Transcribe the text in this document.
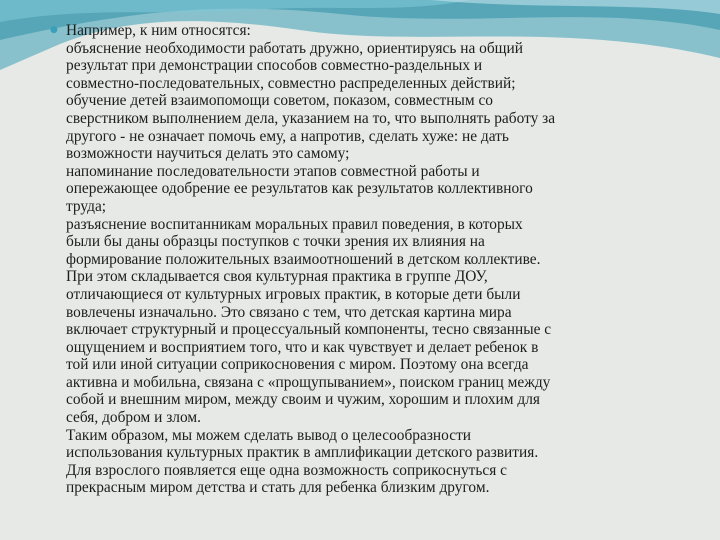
● Например, к ним относятся:
объяснение необходимости работать дружно, ориентируясь на общий
результат при демонстрации способов совместно-раздельных и
совместно-последовательных, совместно распределенных действий;
обучение детей взаимопомощи советом, показом, совместным со
сверстником выполнением дела, указанием на то, что выполнять работу за
другого - не означает помочь ему, а напротив, сделать хуже: не дать
возможности научиться делать это самому;
напоминание последовательности этапов совместной работы и
опережающее одобрение ее результатов как результатов коллективного
труда;
разъяснение воспитанникам моральных правил поведения, в которых
были бы даны образцы поступков с точки зрения их влияния на
формирование положительных взаимоотношений в детском коллективе.
При этом складывается своя культурная практика в группе ДОУ,
отличающиеся от культурных игровых практик, в которые дети были
вовлечены изначально. Это связано с тем, что детская картина мира
включает структурный и процессуальный компоненты, тесно связанные с
ощущением и восприятием того, что и как чувствует и делает ребенок в
той или иной ситуации соприкосновения с миром. Поэтому она всегда
активна и мобильна, связана с «прощупыванием», поиском границ между
собой и внешним миром, между своим и чужим, хорошим и плохим для
себя, добром и злом.
Таким образом, мы можем сделать вывод о целесообразности
использования культурных практик в амплификации детского развития.
Для взрослого появляется еще одна возможность соприкоснуться с
прекрасным миром детства и стать для ребенка близким другом.
